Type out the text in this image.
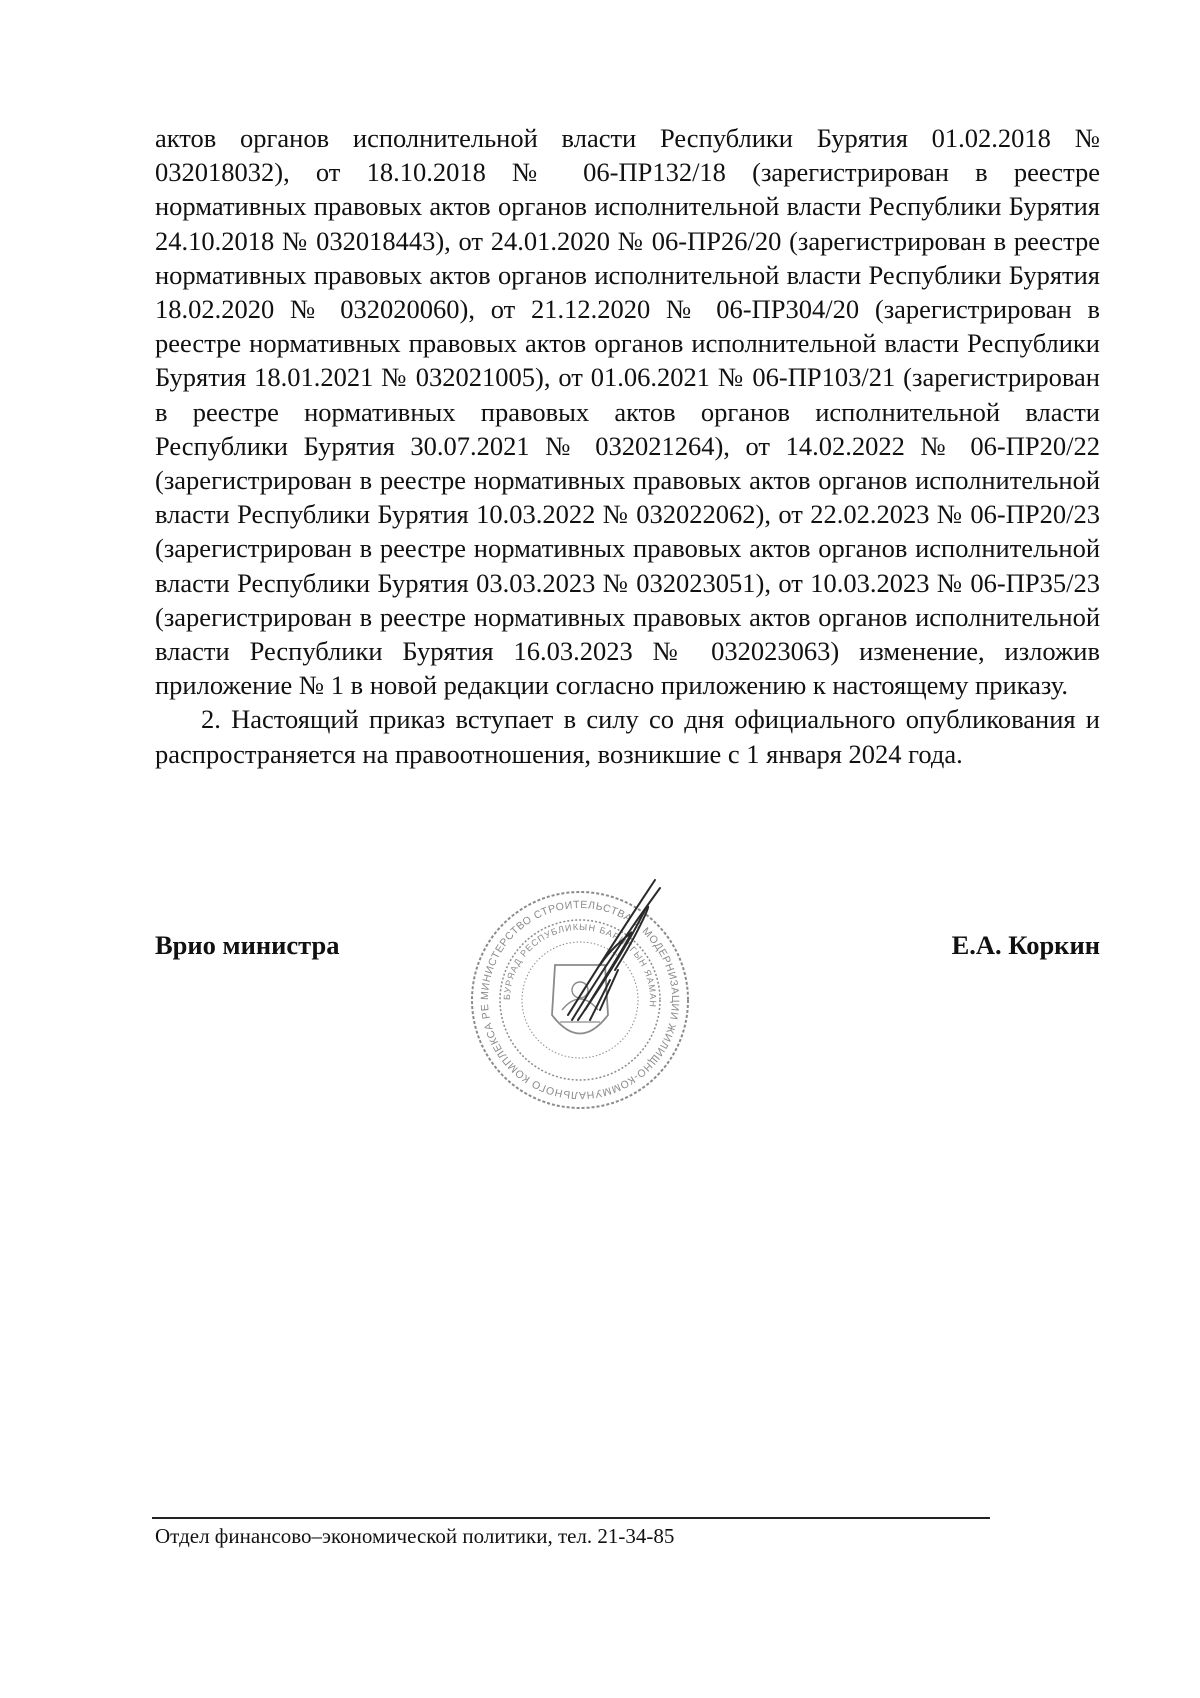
актов органов исполнительной власти Республики Бурятия 01.02.2018 № 032018032), от 18.10.2018 № 06-ПР132/18 (зарегистрирован в реестре нормативных правовых актов органов исполнительной власти Республики Бурятия 24.10.2018 № 032018443), от 24.01.2020 № 06-ПР26/20 (зарегистрирован в реестре нормативных правовых актов органов исполнительной власти Республики Бурятия 18.02.2020 № 032020060), от 21.12.2020 № 06-ПР304/20 (зарегистрирован в реестре нормативных правовых актов органов исполнительной власти Республики Бурятия 18.01.2021 № 032021005), от 01.06.2021 № 06-ПР103/21 (зарегистрирован в реестре нормативных правовых актов органов исполнительной власти Республики Бурятия 30.07.2021 № 032021264), от 14.02.2022 № 06-ПР20/22 (зарегистрирован в реестре нормативных правовых актов органов исполнительной власти Республики Бурятия 10.03.2022 № 032022062), от 22.02.2023 № 06-ПР20/23 (зарегистрирован в реестре нормативных правовых актов органов исполнительной власти Республики Бурятия 03.03.2023 № 032023051), от 10.03.2023 № 06-ПР35/23 (зарегистрирован в реестре нормативных правовых актов органов исполнительной власти Республики Бурятия 16.03.2023 № 032023063) изменение, изложив приложение № 1 в новой редакции согласно приложению к настоящему приказу.

2. Настоящий приказ вступает в силу со дня официального опубликования и распространяется на правоотношения, возникшие с 1 января 2024 года.

Врио министра	Е.А. Коркин

МИНИСТЕРСТВО СТРОИТЕЛЬСТВА И МОДЕРНИЗАЦИИ ЖИЛИЩНО-КОММУНАЛЬНОГО КОМПЛЕКСА РЕ
БУРЯАД РЕСПУБЛИКЫН БАРИЛГЫН ЯАМАН

Отдел финансово–экономической политики, тел. 21-34-85
